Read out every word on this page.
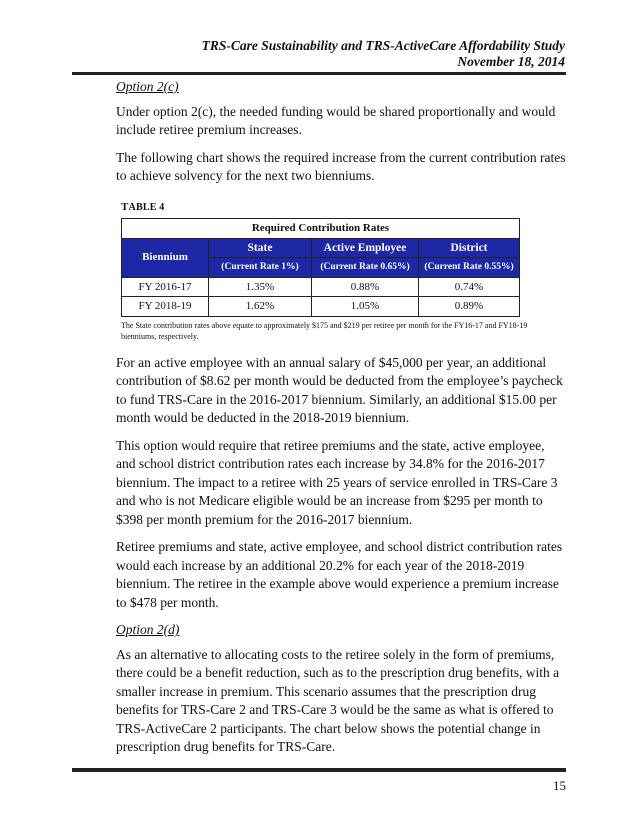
TRS-Care Sustainability and TRS-ActiveCare Affordability Study
November 18, 2014
Option 2(c)

Under option 2(c), the needed funding would be shared proportionally and would include retiree premium increases.

The following chart shows the required increase from the current contribution rates to achieve solvency for the next two bienniums.

TABLE 4
Required Contribution Rates			
Biennium	State	Active Employee	District
	(Current Rate 1%)	(Current Rate 0.65%)	(Current Rate 0.55%)
FY 2016-17	1.35%	0.88%	0.74%
FY 2018-19	1.62%	1.05%	0.89%
The State contribution rates above equate to approximately $175 and $219 per retiree per month for the FY16-17 and FY18-19 bienniums, respectively.

For an active employee with an annual salary of $45,000 per year, an additional contribution of $8.62 per month would be deducted from the employee’s paycheck to fund TRS-Care in the 2016-2017 biennium. Similarly, an additional $15.00 per month would be deducted in the 2018-2019 biennium.

This option would require that retiree premiums and the state, active employee, and school district contribution rates each increase by 34.8% for the 2016-2017 biennium. The impact to a retiree with 25 years of service enrolled in TRS-Care 3 and who is not Medicare eligible would be an increase from $295 per month to $398 per month premium for the 2016-2017 biennium.

Retiree premiums and state, active employee, and school district contribution rates would each increase by an additional 20.2% for each year of the 2018-2019 biennium. The retiree in the example above would experience a premium increase to $478 per month.

Option 2(d)

As an alternative to allocating costs to the retiree solely in the form of premiums, there could be a benefit reduction, such as to the prescription drug benefits, with a smaller increase in premium. This scenario assumes that the prescription drug benefits for TRS-Care 2 and TRS-Care 3 would be the same as what is offered to TRS-ActiveCare 2 participants. The chart below shows the potential change in prescription drug benefits for TRS-Care.

15
